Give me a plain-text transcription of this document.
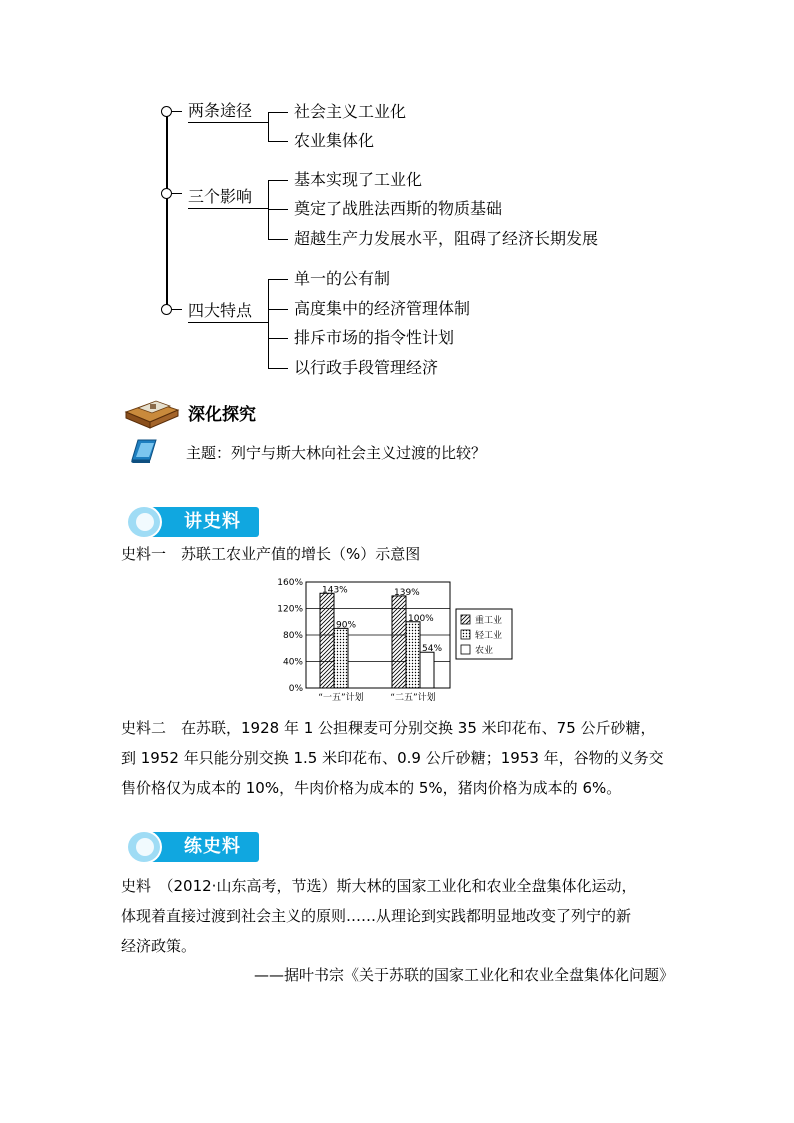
两条途径	社会主义工业化
农业集体化
三个影响
基本实现了工业化
奠定了战胜法西斯的物质基础
超越生产力发展水平，阻碍了经济长期发展
四大特点
单一的公有制
高度集中的经济管理体制
排斥市场的指令性计划
以行政手段管理经济
深化探究
主题：列宁与斯大林向社会主义过渡的比较？
讲史料
史料一　苏联工农业产值的增长（%）示意图
0%
40%
80%
120%
160%
143%
90%
“一五”计划
139%
100%
54%
“二五”计划
重工业
轻工业
农业
史料二　在苏联，1928 年 1 公担稞麦可分别交换 35 米印花布、75 公斤砂糖，
到 1952 年只能分别交换 1.5 米印花布、0.9 公斤砂糖；1953 年，谷物的义务交
售价格仅为成本的 10%，牛肉价格为成本的 5%，猪肉价格为成本的 6%。
练史料
史料　（2012·山东高考，节选）斯大林的国家工业化和农业全盘集体化运动，
体现着直接过渡到社会主义的原则……从理论到实践都明显地改变了列宁的新
经济政策。
——据叶书宗《关于苏联的国家工业化和农业全盘集体化问题》
